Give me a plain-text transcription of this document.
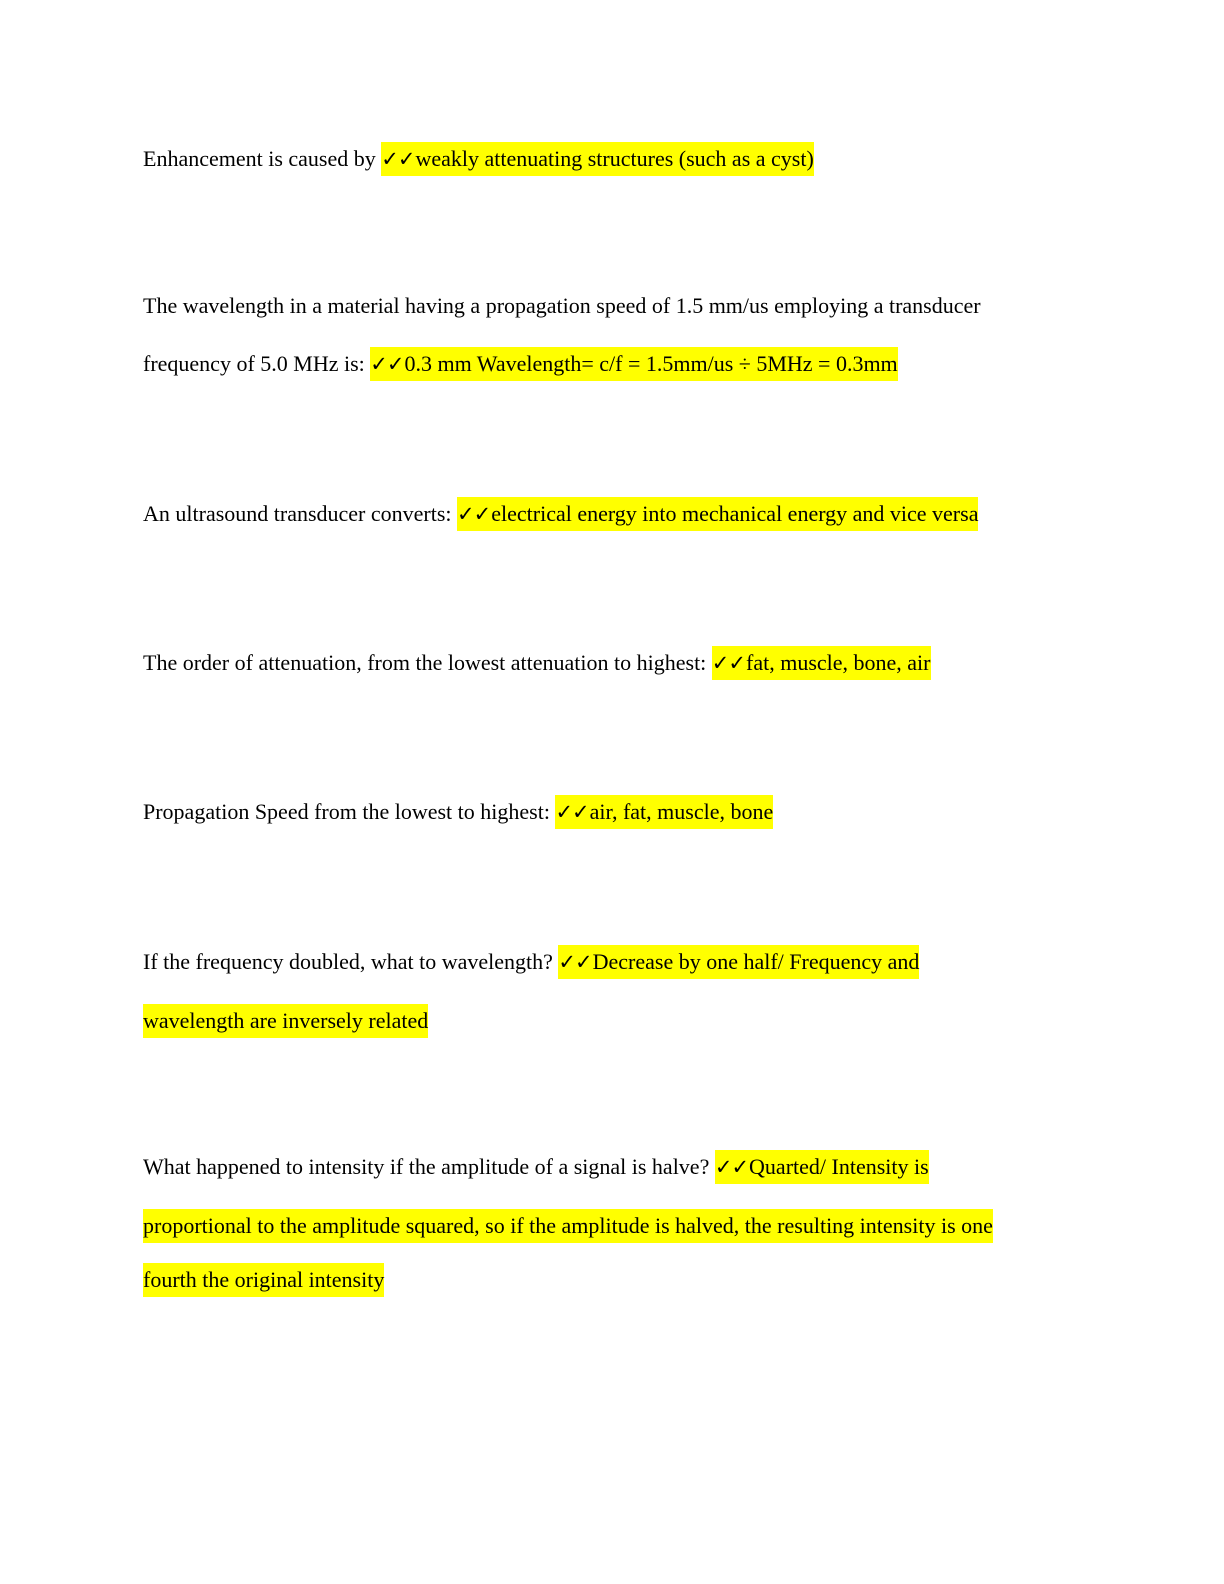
Enhancement is caused by ✓✓weakly attenuating structures (such as a cyst)
The wavelength in a material having a propagation speed of 1.5 mm/us employing a transducer
frequency of 5.0 MHz is: ✓✓0.3 mm Wavelength= c/f = 1.5mm/us ÷ 5MHz = 0.3mm
An ultrasound transducer converts: ✓✓electrical energy into mechanical energy and vice versa
The order of attenuation, from the lowest attenuation to highest: ✓✓fat, muscle, bone, air
Propagation Speed from the lowest to highest: ✓✓air, fat, muscle, bone
If the frequency doubled, what to wavelength? ✓✓Decrease by one half/ Frequency and
wavelength are inversely related
What happened to intensity if the amplitude of a signal is halve? ✓✓Quarted/ Intensity is
proportional to the amplitude squared, so if the amplitude is halved, the resulting intensity is one
fourth the original intensity
